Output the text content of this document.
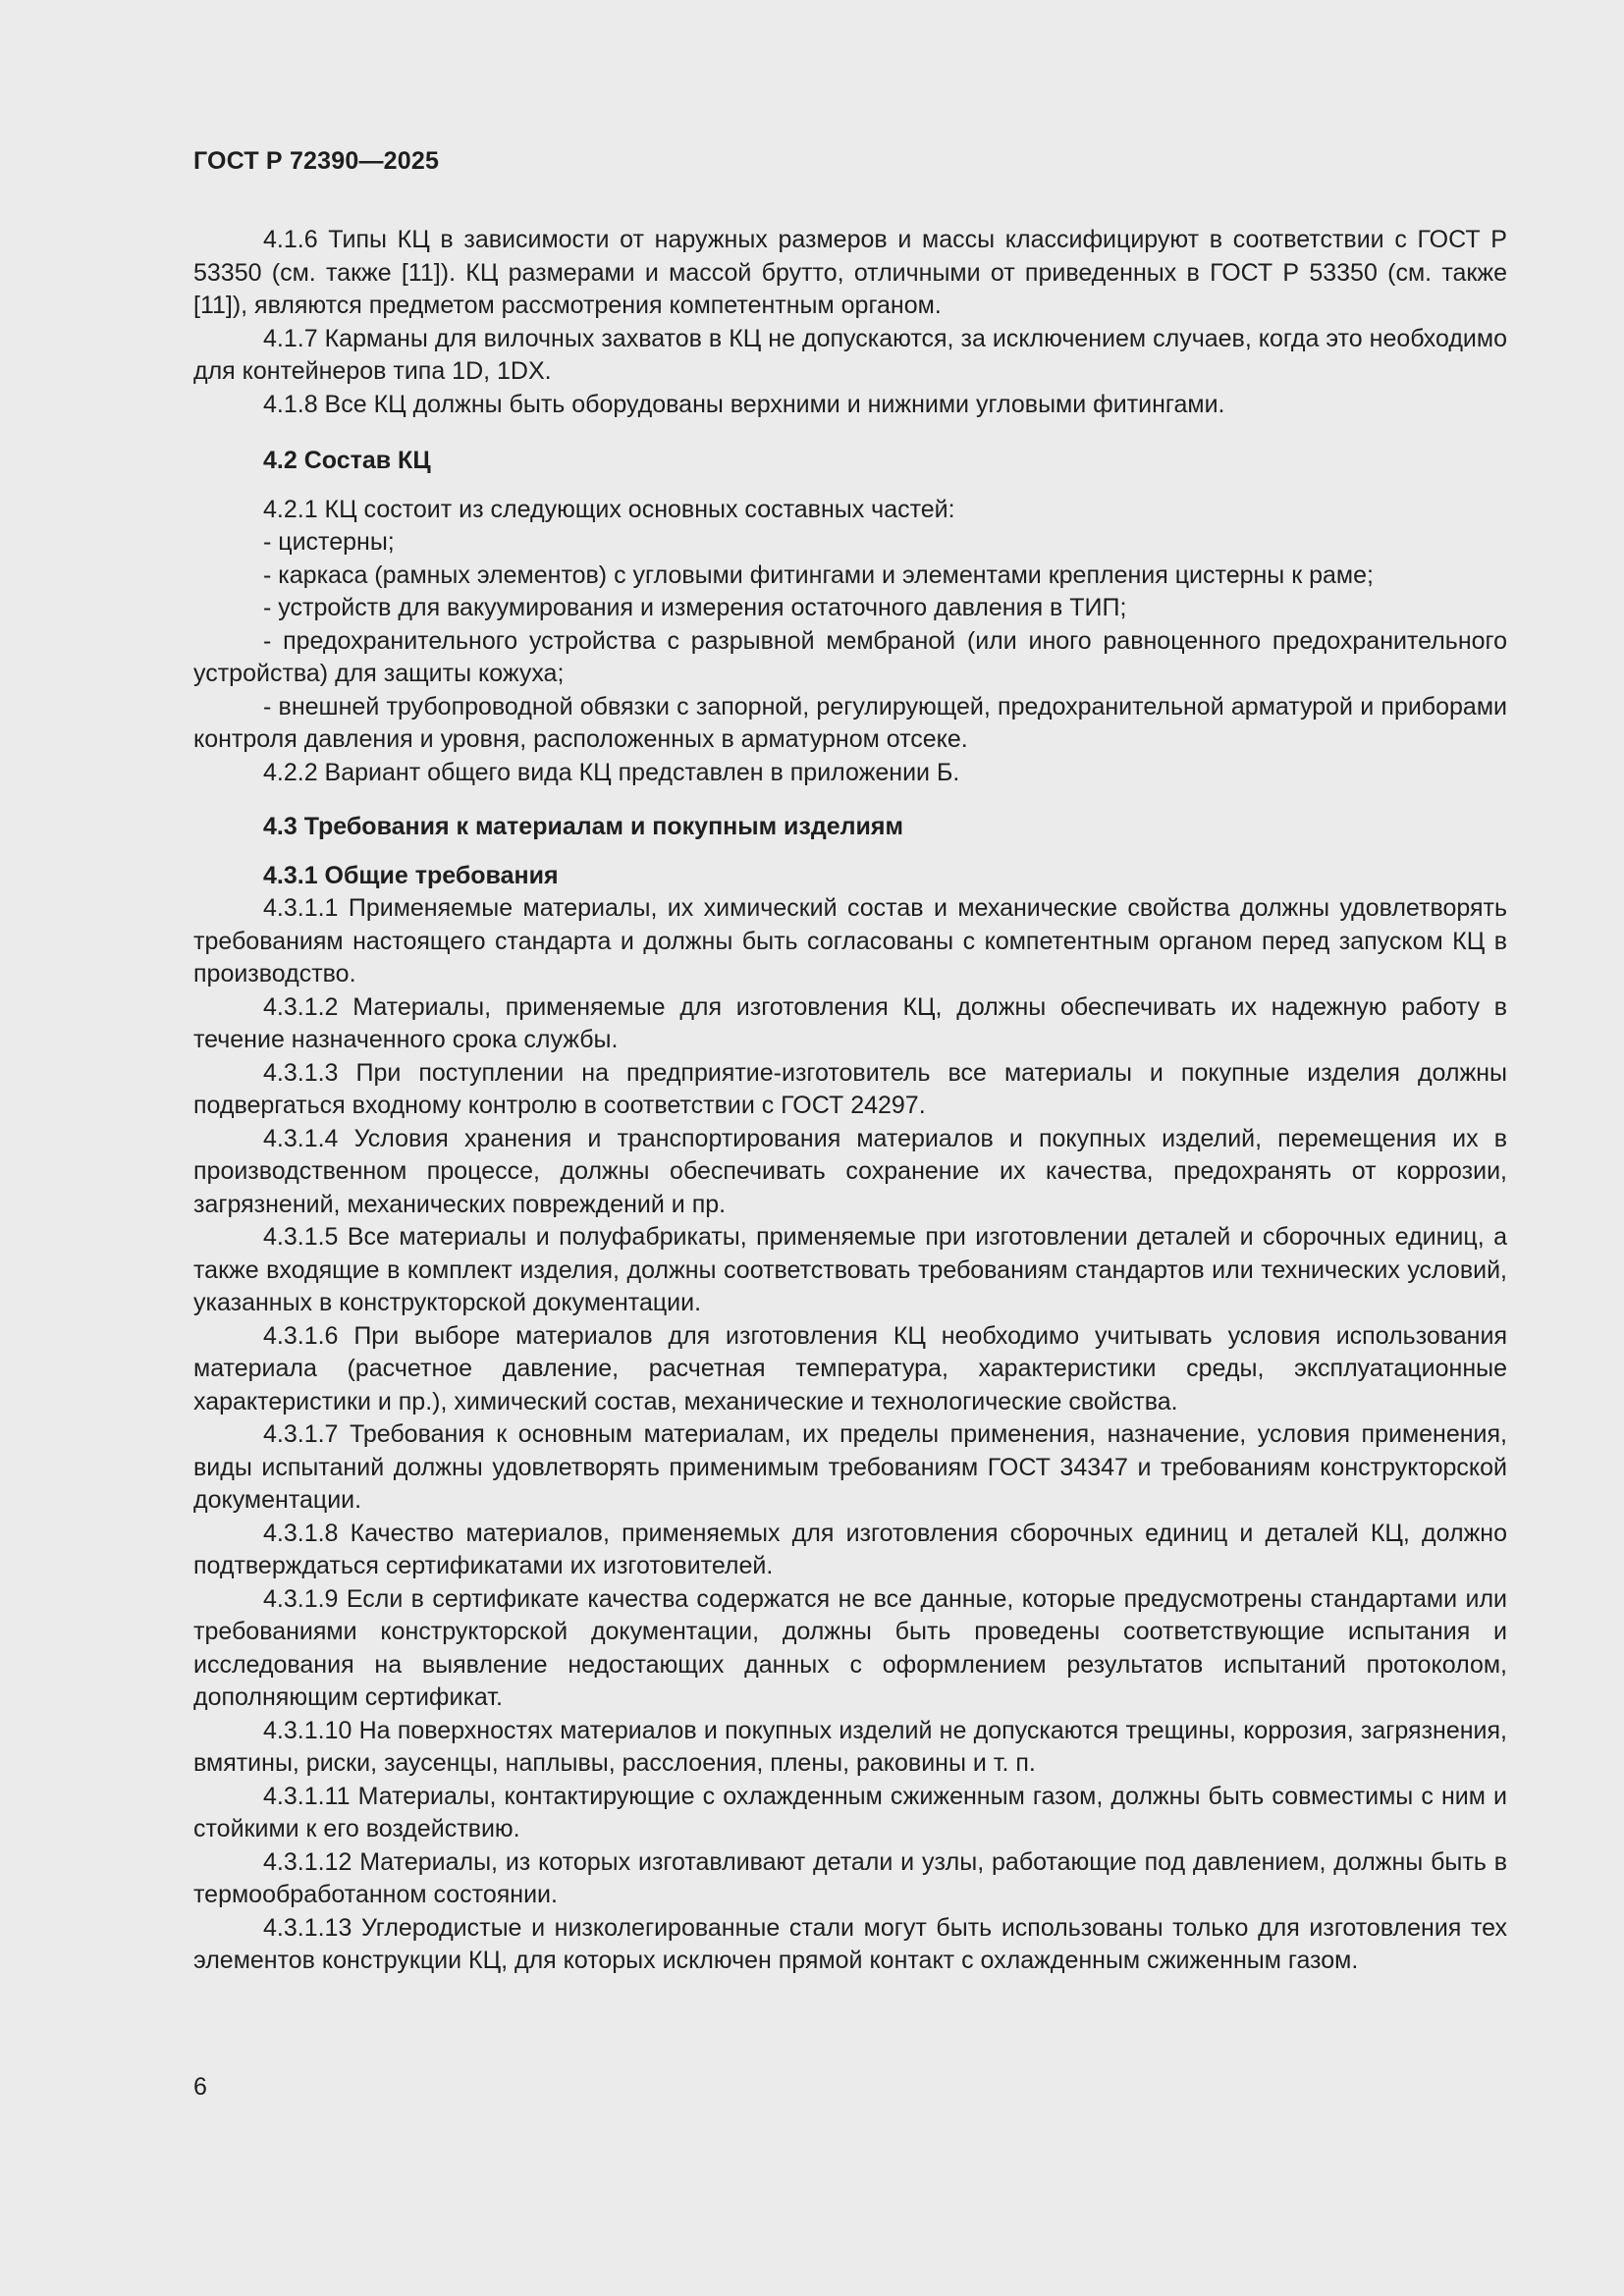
ГОСТ Р 72390—2025
4.1.6 Типы КЦ в зависимости от наружных размеров и массы классифицируют в соответствии с ГОСТ Р 53350 (см. также [11]). КЦ размерами и массой брутто, отличными от приведенных в ГОСТ Р 53350 (см. также [11]), являются предметом рассмотрения компетентным органом.
4.1.7 Карманы для вилочных захватов в КЦ не допускаются, за исключением случаев, когда это необходимо для контейнеров типа 1D, 1DX.
4.1.8 Все КЦ должны быть оборудованы верхними и нижними угловыми фитингами.
4.2 Состав КЦ
4.2.1 КЦ состоит из следующих основных составных частей:
- цистерны;
- каркаса (рамных элементов) с угловыми фитингами и элементами крепления цистерны к раме;
- устройств для вакуумирования и измерения остаточного давления в ТИП;
- предохранительного устройства с разрывной мембраной (или иного равноценного предохранительного устройства) для защиты кожуха;
- внешней трубопроводной обвязки с запорной, регулирующей, предохранительной арматурой и приборами контроля давления и уровня, расположенных в арматурном отсеке.
4.2.2 Вариант общего вида КЦ представлен в приложении Б.
4.3 Требования к материалам и покупным изделиям
4.3.1 Общие требования
4.3.1.1 Применяемые материалы, их химический состав и механические свойства должны удовлетворять требованиям настоящего стандарта и должны быть согласованы с компетентным органом перед запуском КЦ в производство.
4.3.1.2 Материалы, применяемые для изготовления КЦ, должны обеспечивать их надежную работу в течение назначенного срока службы.
4.3.1.3 При поступлении на предприятие-изготовитель все материалы и покупные изделия должны подвергаться входному контролю в соответствии с ГОСТ 24297.
4.3.1.4 Условия хранения и транспортирования материалов и покупных изделий, перемещения их в производственном процессе, должны обеспечивать сохранение их качества, предохранять от коррозии, загрязнений, механических повреждений и пр.
4.3.1.5 Все материалы и полуфабрикаты, применяемые при изготовлении деталей и сборочных единиц, а также входящие в комплект изделия, должны соответствовать требованиям стандартов или технических условий, указанных в конструкторской документации.
4.3.1.6 При выборе материалов для изготовления КЦ необходимо учитывать условия использования материала (расчетное давление, расчетная температура, характеристики среды, эксплуатационные характеристики и пр.), химический состав, механические и технологические свойства.
4.3.1.7 Требования к основным материалам, их пределы применения, назначение, условия применения, виды испытаний должны удовлетворять применимым требованиям ГОСТ 34347 и требованиям конструкторской документации.
4.3.1.8 Качество материалов, применяемых для изготовления сборочных единиц и деталей КЦ, должно подтверждаться сертификатами их изготовителей.
4.3.1.9 Если в сертификате качества содержатся не все данные, которые предусмотрены стандартами или требованиями конструкторской документации, должны быть проведены соответствующие испытания и исследования на выявление недостающих данных с оформлением результатов испытаний протоколом, дополняющим сертификат.
4.3.1.10 На поверхностях материалов и покупных изделий не допускаются трещины, коррозия, загрязнения, вмятины, риски, заусенцы, наплывы, расслоения, плены, раковины и т. п.
4.3.1.11 Материалы, контактирующие с охлажденным сжиженным газом, должны быть совместимы с ним и стойкими к его воздействию.
4.3.1.12 Материалы, из которых изготавливают детали и узлы, работающие под давлением, должны быть в термообработанном состоянии.
4.3.1.13 Углеродистые и низколегированные стали могут быть использованы только для изготовления тех элементов конструкции КЦ, для которых исключен прямой контакт с охлажденным сжиженным газом.
6
